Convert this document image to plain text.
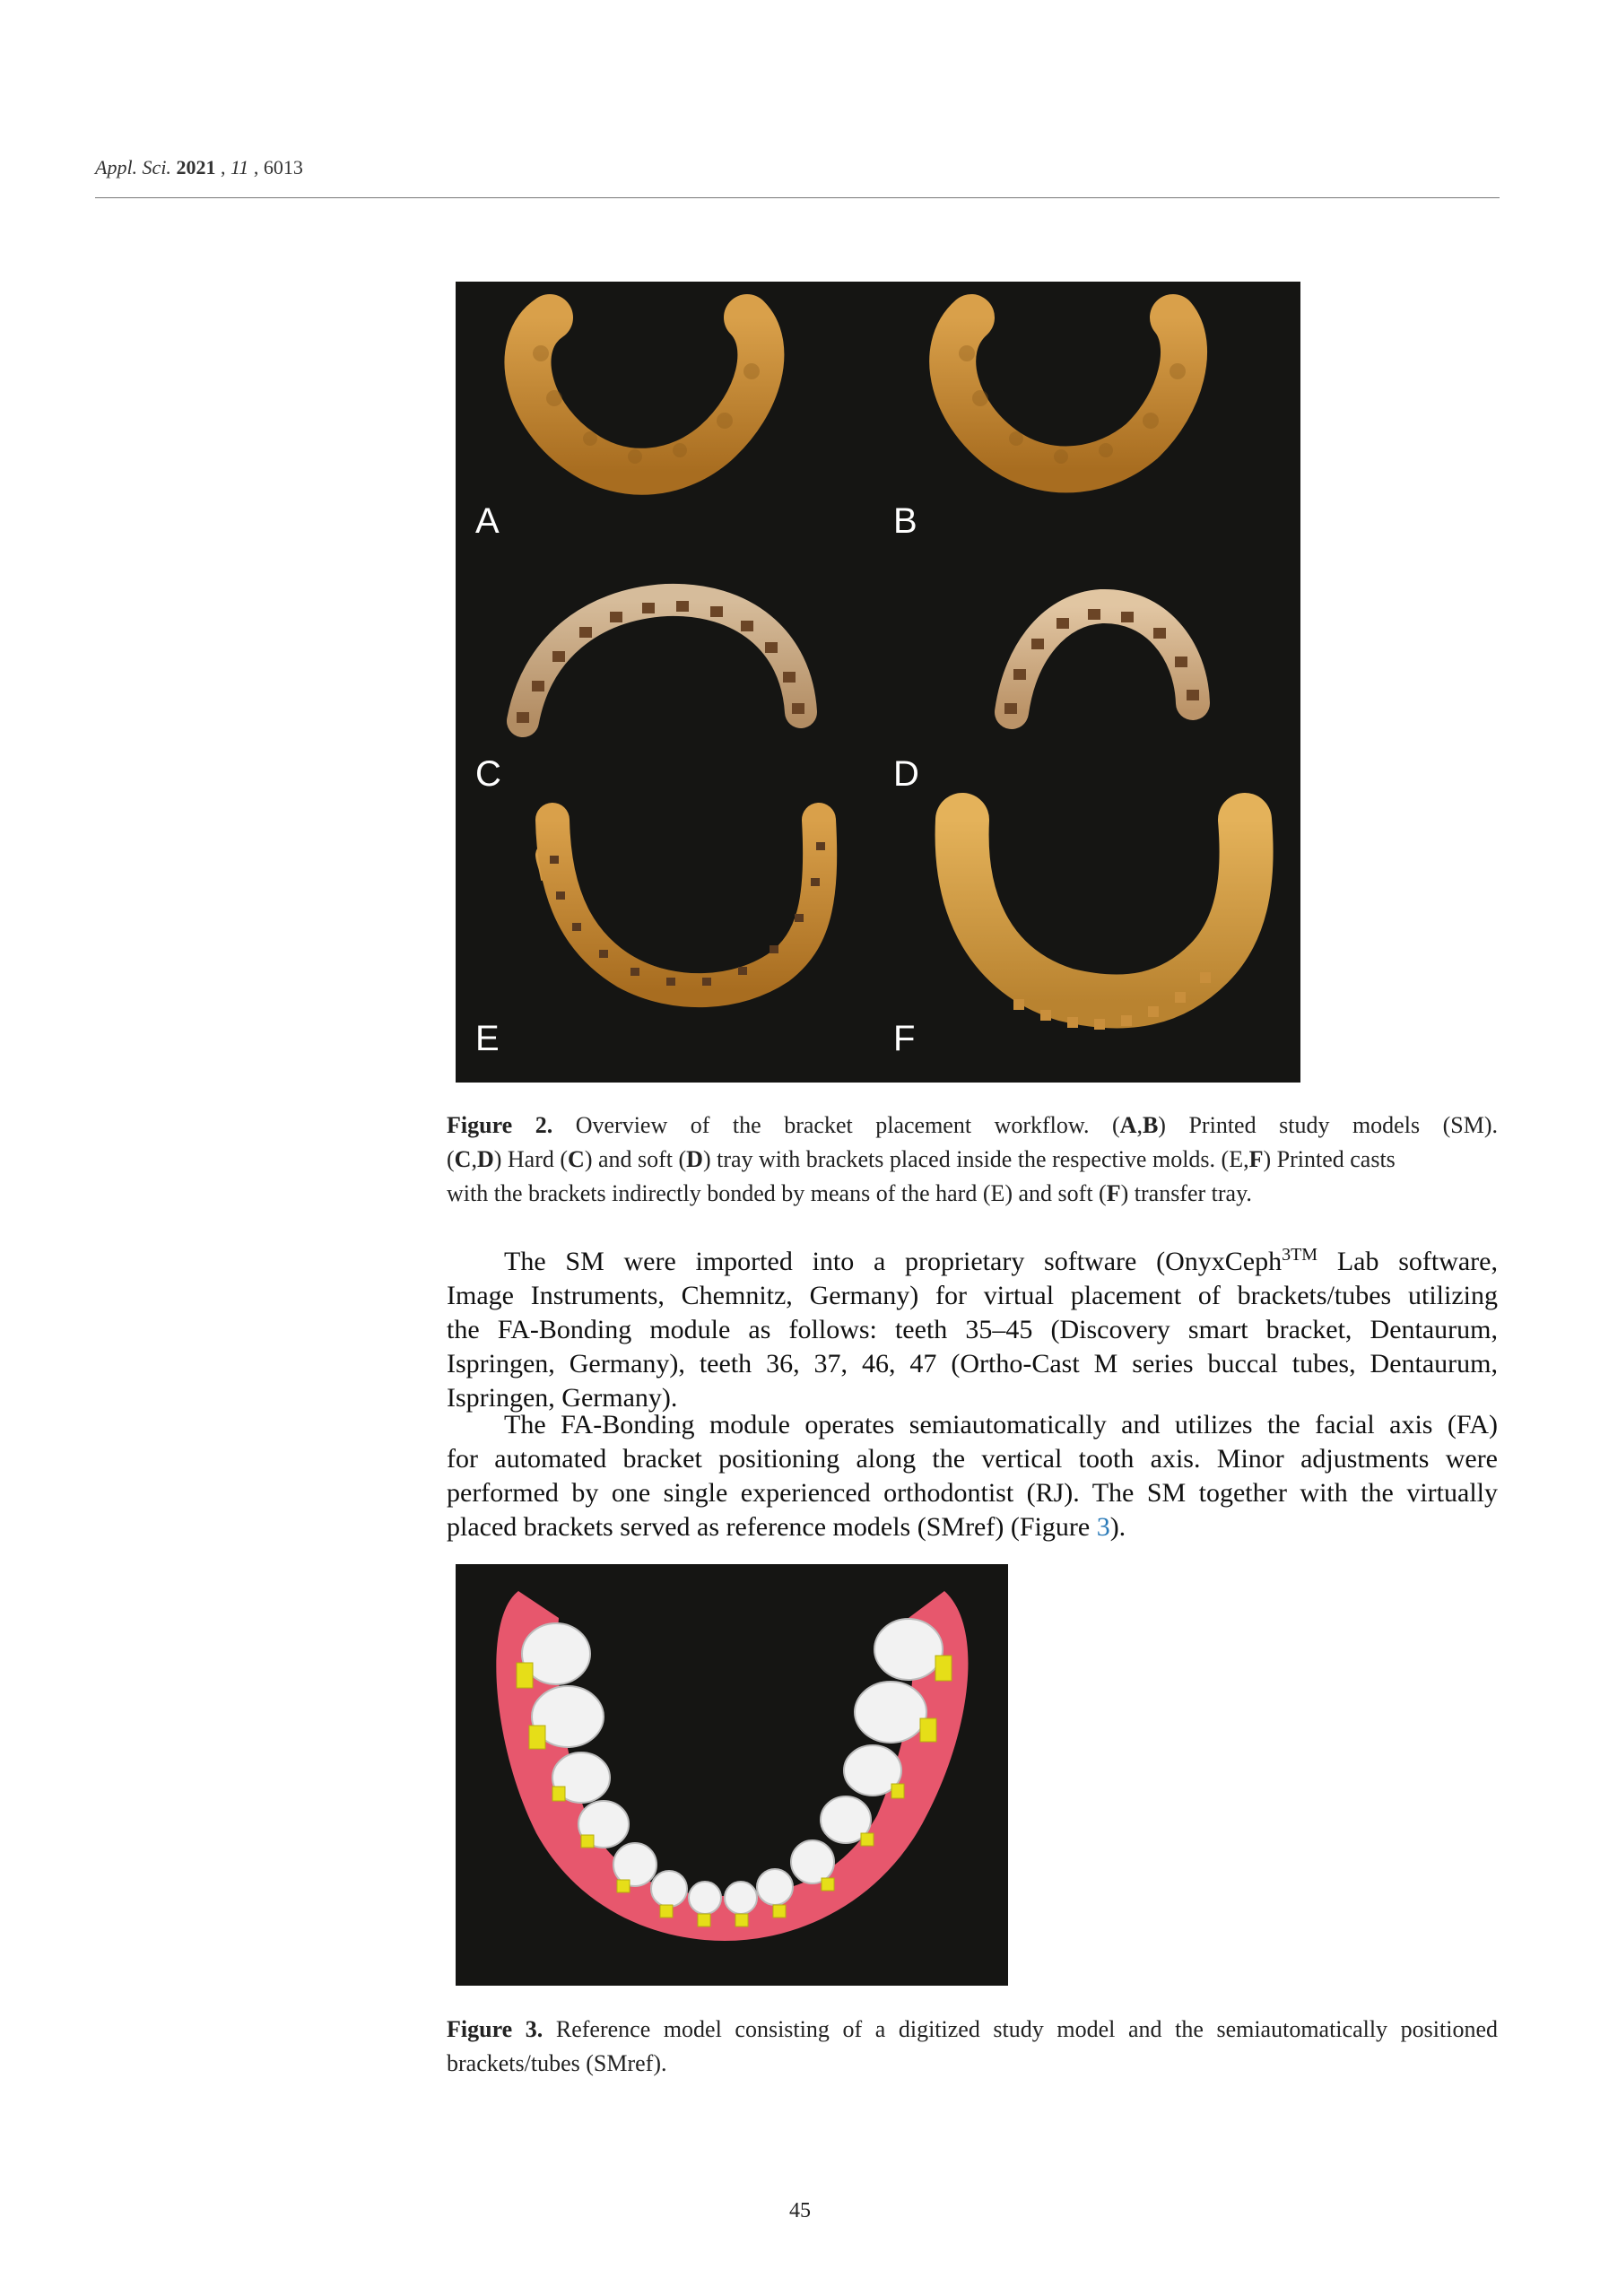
Appl. Sci. 2021 , 11 , 6013
A	B
C	D
E	F
Figure 2. Overview of the bracket placement workflow. (A,B) Printed study models (SM).
(C,D) Hard (C) and soft (D) tray with brackets placed inside the respective molds. (E,F) Printed casts
with the brackets indirectly bonded by means of the hard (E) and soft (F) transfer tray.
The SM were imported into a proprietary software (OnyxCeph$^{3TM}$ Lab software,
Image Instruments, Chemnitz, Germany) for virtual placement of brackets/tubes utilizing
the FA-Bonding module as follows: teeth 35–45 (Discovery smart bracket, Dentaurum,
Ispringen, Germany), teeth 36, 37, 46, 47 (Ortho-Cast M series buccal tubes, Dentaurum,
Ispringen, Germany).
The FA-Bonding module operates semiautomatically and utilizes the facial axis (FA)
for automated bracket positioning along the vertical tooth axis. Minor adjustments were
performed by one single experienced orthodontist (RJ). The SM together with the virtually
placed brackets served as reference models (SMref) (Figure 3).
Figure 3. Reference model consisting of a digitized study model and the semiautomatically positioned
brackets/tubes (SMref).
45
